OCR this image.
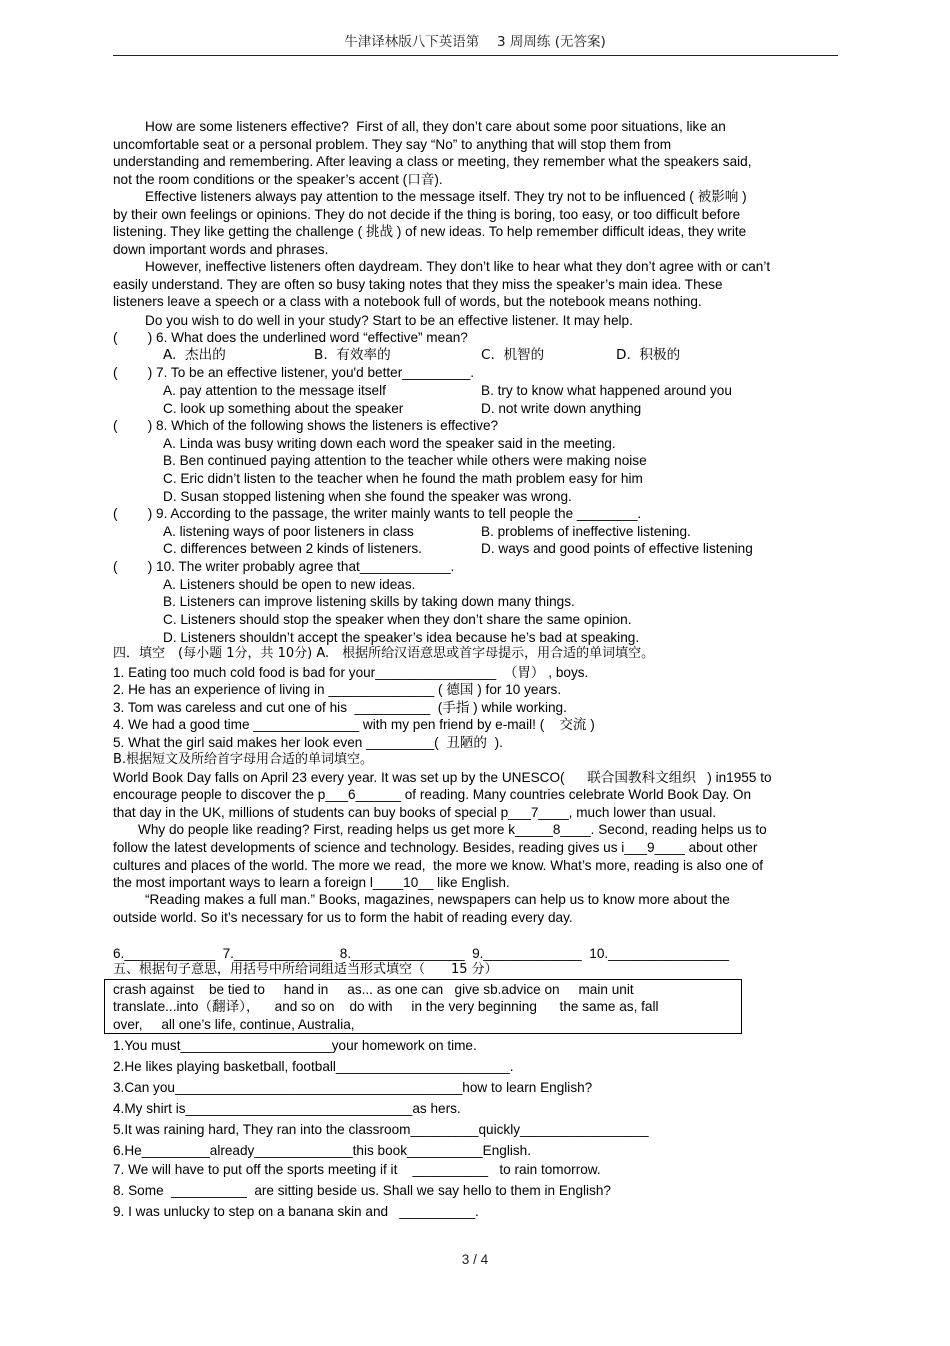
牛津译林版八下英语第　 3 周周练 (无答案)
How are some listeners effective?  First of all, they don’t care about some poor situations, like an
uncomfortable seat or a personal problem. They say “No” to anything that will stop them from
understanding and remembering. After leaving a class or meeting, they remember what the speakers said,
not the room conditions or the speaker’s accent (口音).
Effective listeners always pay attention to the message itself. They try not to be influenced ( 被影响 )
by their own feelings or opinions. They do not decide if the thing is boring, too easy, or too difficult before
listening. They like getting the challenge ( 挑战 ) of new ideas. To help remember difficult ideas, they write
down important words and phrases.
However, ineffective listeners often daydream. They don’t like to hear what they don’t agree with or can’t
easily understand. They are often so busy taking notes that they miss the speaker’s main idea. These
listeners leave a speech or a class with a notebook full of words, but the notebook means nothing.
Do you wish to do well in your study? Start to be an effective listener. It may help.
(        ) 6. What does the underlined word “effective” mean?
A.  杰出的	B.  有效率的	C.  机智的	D.  积极的
(        ) 7. To be an effective listener, you'd better_________.
A. pay attention to the message itself	B. try to know what happened around you
C. look up something about the speaker	D. not write down anything
(        ) 8. Which of the following shows the listeners is effective?
A. Linda was busy writing down each word the speaker said in the meeting.
B. Ben continued paying attention to the teacher while others were making noise
C. Eric didn’t listen to the teacher when he found the math problem easy for him
D. Susan stopped listening when she found the speaker was wrong.
(        ) 9. According to the passage, the writer mainly wants to tell people the ________.
A. listening ways of poor listeners in class	B. problems of ineffective listening.
C. differences between 2 kinds of listeners.	D. ways and good points of effective listening
(        ) 10. The writer probably agree that____________.
A. Listeners should be open to new ideas.
B. Listeners can improve listening skills by taking down many things.
C. Listeners should stop the speaker when they don’t share the same opinion.
D. Listeners shouldn’t accept the speaker’s idea because he’s bad at speaking.
四．填空　(每小题 1分，共 10分) A.　根据所给汉语意思或首字母提示，用合适的单词填空。
1. Eating too much cold food is bad for your________________  （胃） , boys.
2. He has an experience of living in ______________ ( 德国 ) for 10 years.
3. Tom was careless and cut one of his  __________  (手指 ) while working.
4. We had a good time ______________ with my pen friend by e-mail! (    交流 )
5. What the girl said makes her look even _________(  丑陋的  ).
B.根据短文及所给首字母用合适的单词填空。
World Book Day falls on April 23 every year. It was set up by the UNESCO(      联合国教科文组织   ) in1955 to
encourage people to discover the p___6______ of reading. Many countries celebrate World Book Day. On
that day in the UK, millions of students can buy books of special p___7____, much lower than usual.
Why do people like reading? First, reading helps us get more k_____8____. Second, reading helps us to
follow the latest developments of science and technology. Besides, reading gives us i___9____ about other
cultures and places of the world. The more we read,  the more we know. What’s more, reading is also one of
the most important ways to learn a foreign l____10__ like English.
“Reading makes a full man.” Books, magazines, newspapers can help us to know more about the
outside world. So it’s necessary for us to form the habit of reading every day.
6.____________  7._____________  8._______________  9._____________  10.________________
五、根据句子意思，用括号中所给词组适当形式填空（　　15 分）
crash against    be tied to     hand in     as... as one can   give sb.advice on     main unit
translate...into（翻译），    and so on    do with     in the very beginning      the same as, fall
over,     all one’s life, continue, Australia,
1.You must____________________your homework on time.
2.He likes playing basketball, football_______________________.
3.Can you______________________________________how to learn English?
4.My shirt is______________________________as hers.
5.It was raining hard, They ran into the classroom_________quickly_________________
6.He_________already_____________this book__________English.
7. We will have to put off the sports meeting if it    __________   to rain tomorrow.
8. Some  __________  are sitting beside us. Shall we say hello to them in English?
9. I was unlucky to step on a banana skin and   __________.
3 / 4
